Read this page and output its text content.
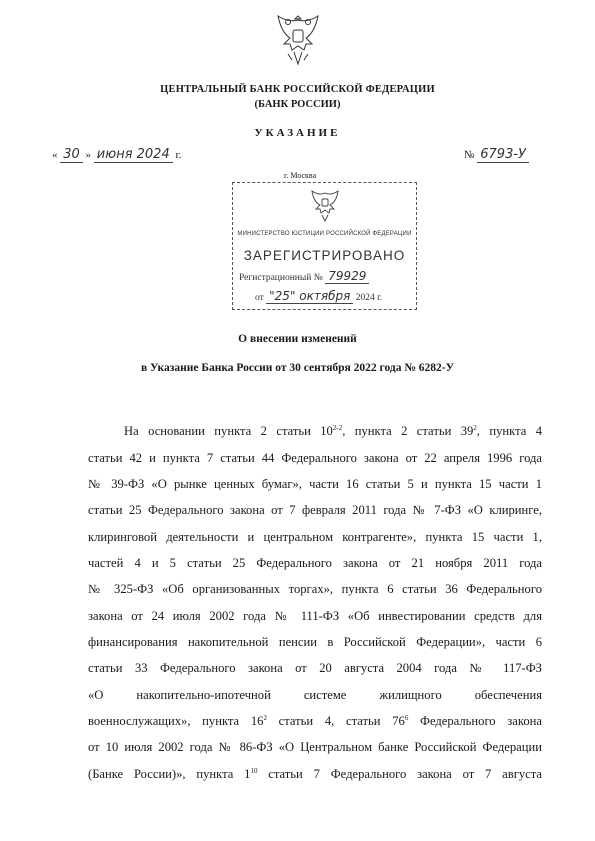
ЦЕНТРАЛЬНЫЙ БАНК РОССИЙСКОЙ ФЕДЕРАЦИИ
(БАНК РОССИИ)
УКАЗАНИЕ
« 30 » июня 2024 г.	№ 6793-У
г. Москва
МИНИСТЕРСТВО ЮСТИЦИИ РОССИЙСКОЙ ФЕДЕРАЦИИ
ЗАРЕГИСТРИРОВАНО
Регистрационный № 79929
от "25" октября 2024 г.
О внесении изменений
в Указание Банка России от 30 сентября 2022 года № 6282-У
На основании пункта 2 статьи 10$^{2-2}$, пункта 2 статьи $39^2$, пункта 4
статьи 42 и пункта 7 статьи 44 Федерального закона от 22 апреля 1996 года
№ 39-ФЗ «О рынке ценных бумаг», части 16 статьи 5 и пункта 15 части 1
статьи 25 Федерального закона от 7 февраля 2011 года № 7-ФЗ «О клиринге,
клиринговой деятельности и центральном контрагенте», пункта 15 части 1,
частей 4 и 5 статьи 25 Федерального закона от 21 ноября 2011 года
№ 325-ФЗ «Об организованных торгах», пункта 6 статьи 36 Федерального
закона от 24 июля 2002 года № 111-ФЗ «Об инвестировании средств для
финансирования накопительной пенсии в Российской Федерации», части 6
статьи 33 Федерального закона от 20 августа 2004 года № 117-ФЗ
«О накопительно-ипотечной системе жилищного обеспечения
военнослужащих», пункта $16^2$ статьи 4, статьи $76^6$ Федерального закона
от 10 июля 2002 года № 86-ФЗ «О Центральном банке Российской Федерации
(Банке России)», пункта $1^{10}$ статьи 7 Федерального закона от 7 августа
